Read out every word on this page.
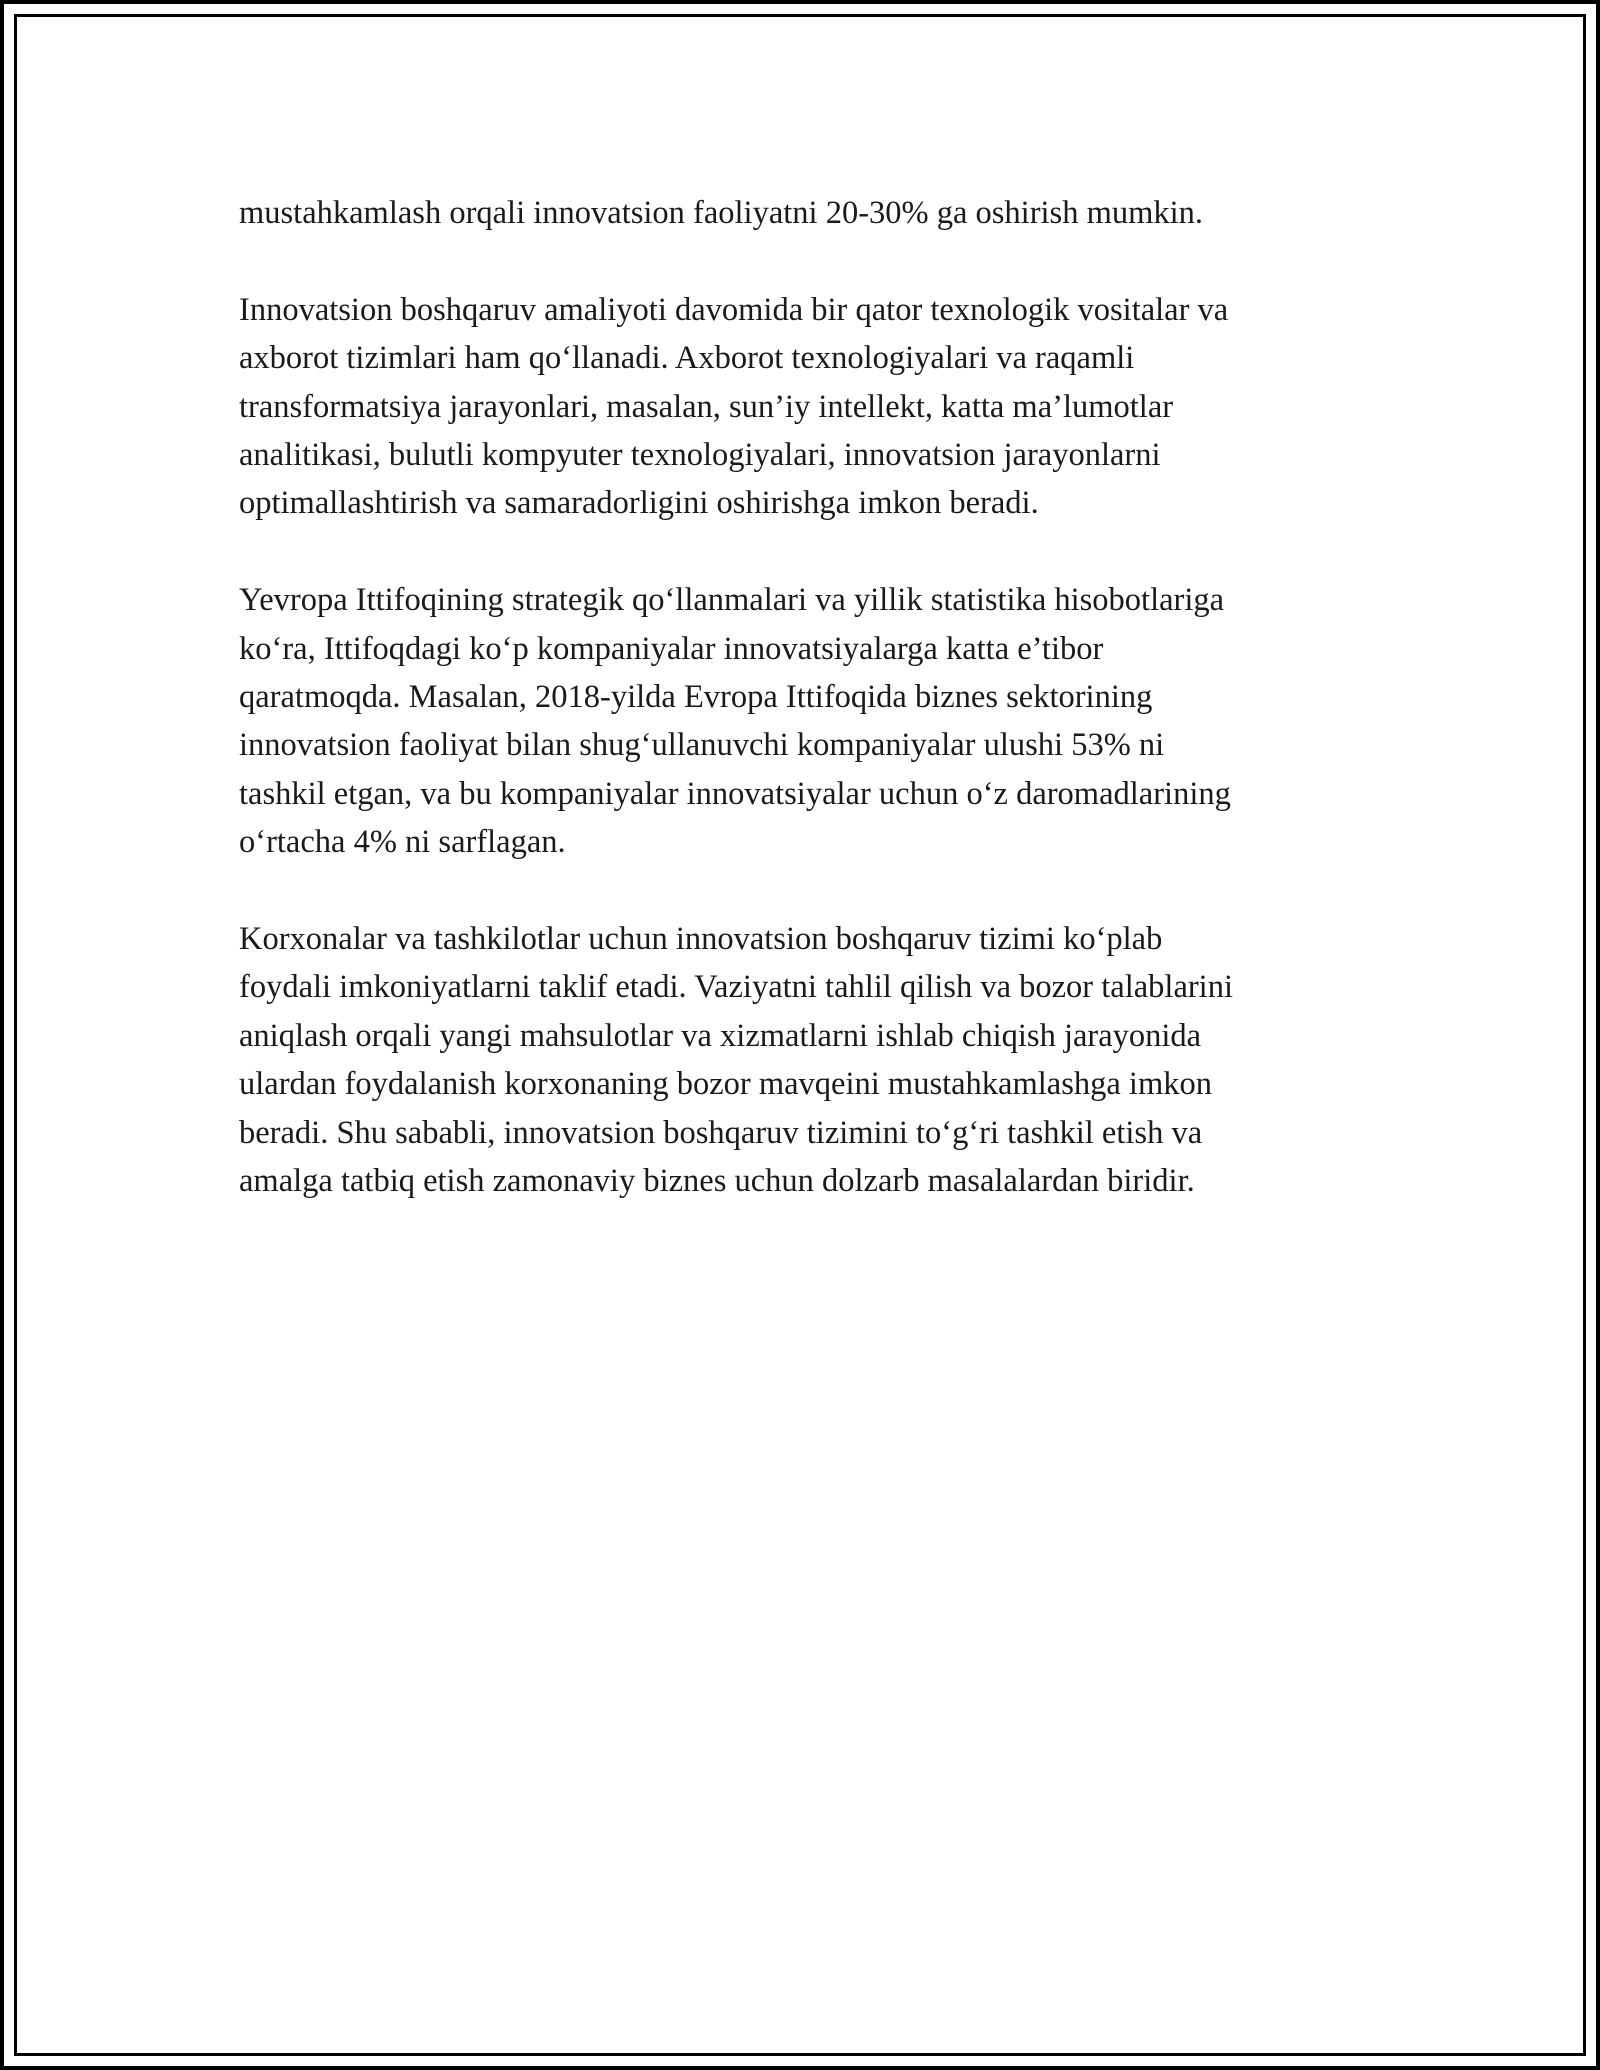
mustahkamlash orqali innovatsion faoliyatni 20-30% ga oshirish mumkin.

Innovatsion boshqaruv amaliyoti davomida bir qator texnologik vositalar va
axborot tizimlari ham qo‘llanadi. Axborot texnologiyalari va raqamli
transformatsiya jarayonlari, masalan, sun’iy intellekt, katta ma’lumotlar
analitikasi, bulutli kompyuter texnologiyalari, innovatsion jarayonlarni
optimallashtirish va samaradorligini oshirishga imkon beradi.

Yevropa Ittifoqining strategik qo‘llanmalari va yillik statistika hisobotlariga
ko‘ra, Ittifoqdagi ko‘p kompaniyalar innovatsiyalarga katta e’tibor
qaratmoqda. Masalan, 2018-yilda Evropa Ittifoqida biznes sektorining
innovatsion faoliyat bilan shug‘ullanuvchi kompaniyalar ulushi 53% ni
tashkil etgan, va bu kompaniyalar innovatsiyalar uchun o‘z daromadlarining
o‘rtacha 4% ni sarflagan.

Korxonalar va tashkilotlar uchun innovatsion boshqaruv tizimi ko‘plab
foydali imkoniyatlarni taklif etadi. Vaziyatni tahlil qilish va bozor talablarini
aniqlash orqali yangi mahsulotlar va xizmatlarni ishlab chiqish jarayonida
ulardan foydalanish korxonaning bozor mavqeini mustahkamlashga imkon
beradi. Shu sababli, innovatsion boshqaruv tizimini to‘g‘ri tashkil etish va
amalga tatbiq etish zamonaviy biznes uchun dolzarb masalalardan biridir.
